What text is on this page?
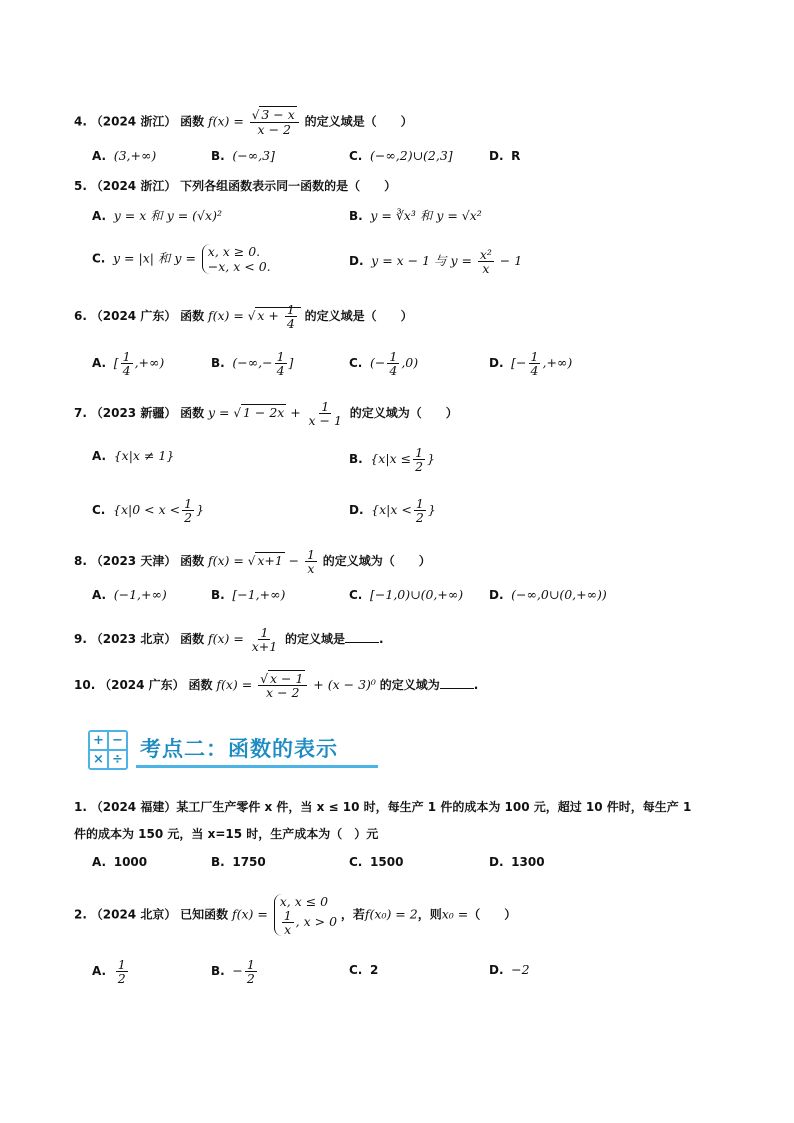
4. （2024 浙江） 函数 $f(x) = \frac{√ 3 - x}{x - 2}$ 的定义域是（　　）
A. (3,+∞)	B. (−∞,3]	C. (−∞,2)∪(2,3]	D. R
5. （2024 浙江） 下列各组函数表示同一函数的是（　　）
A. y = x 和 y = (√x)²	B. y = ∛x³ 和 y = √x²
C. y = |x| 和 y = x, x ≥ 0.
−x, x < 0.	D. y = x − 1 与 $y = \frac{\text{x²}}{x} - 1$
6. （2024 广东） 函数 f(x) = √ $x + \frac{1}{4}$ 的定义域是（　　）
A. [ $\frac{1}{4}$ ,+∞)	B. (−∞,− $\frac{1}{4}$ ]	C. (− $\frac{1}{4} ,0$)	D. [− $\frac{1}{4}$ ,+∞)
7. （2023 新疆） 函数 y = √ $1 - 2x + \frac{1}{x - 1}$ 的定义域为（　　）
A. {x|x ≠ 1}	B. {$x|x \le \frac{1}{2}$ }
C. {$x|0 < x < \frac{1}{2}$ }	D. {$x|x < \frac{1}{2}$ }
8. （2023 天津） 函数 f(x) = √ $x+1 - \frac{1}{x}$ 的定义域为（　　）
A. (−1,+∞)	B. [−1,+∞)	C. [−1,0)∪(0,+∞) D. (−∞,0∪(0,+∞))
9. （2023 北京） 函数 $f(x) = \frac{1}{x+1}$ 的定义域是	.
10. （2024 广东） 函数 $f(x) = \frac{√ x - 1}{x - 2} + (x - 3)^0$ 的定义域为	.
+ −
× ÷ 考点二：函数的表示
1. （2024 福建）某工厂生产零件 x 件，当 x ≤ 10 时，每生产 1 件的成本为 100 元，超过 10 件时，每生产 1
件的成本为 150 元，当 x=15 时，生产成本为（　）元
A. 1000	B. 1750	C. 1500	D. 1300
2. （2024 北京） 已知函数 f(x) =
x, x ≤ 0
$\frac{1}{x}$ , x > 0 ，若f(x₀) = 2，则x₀ =（　　）
A. $\frac{1}{2}$	B. − $\frac{1}{2}$	C. 2	D. −2
